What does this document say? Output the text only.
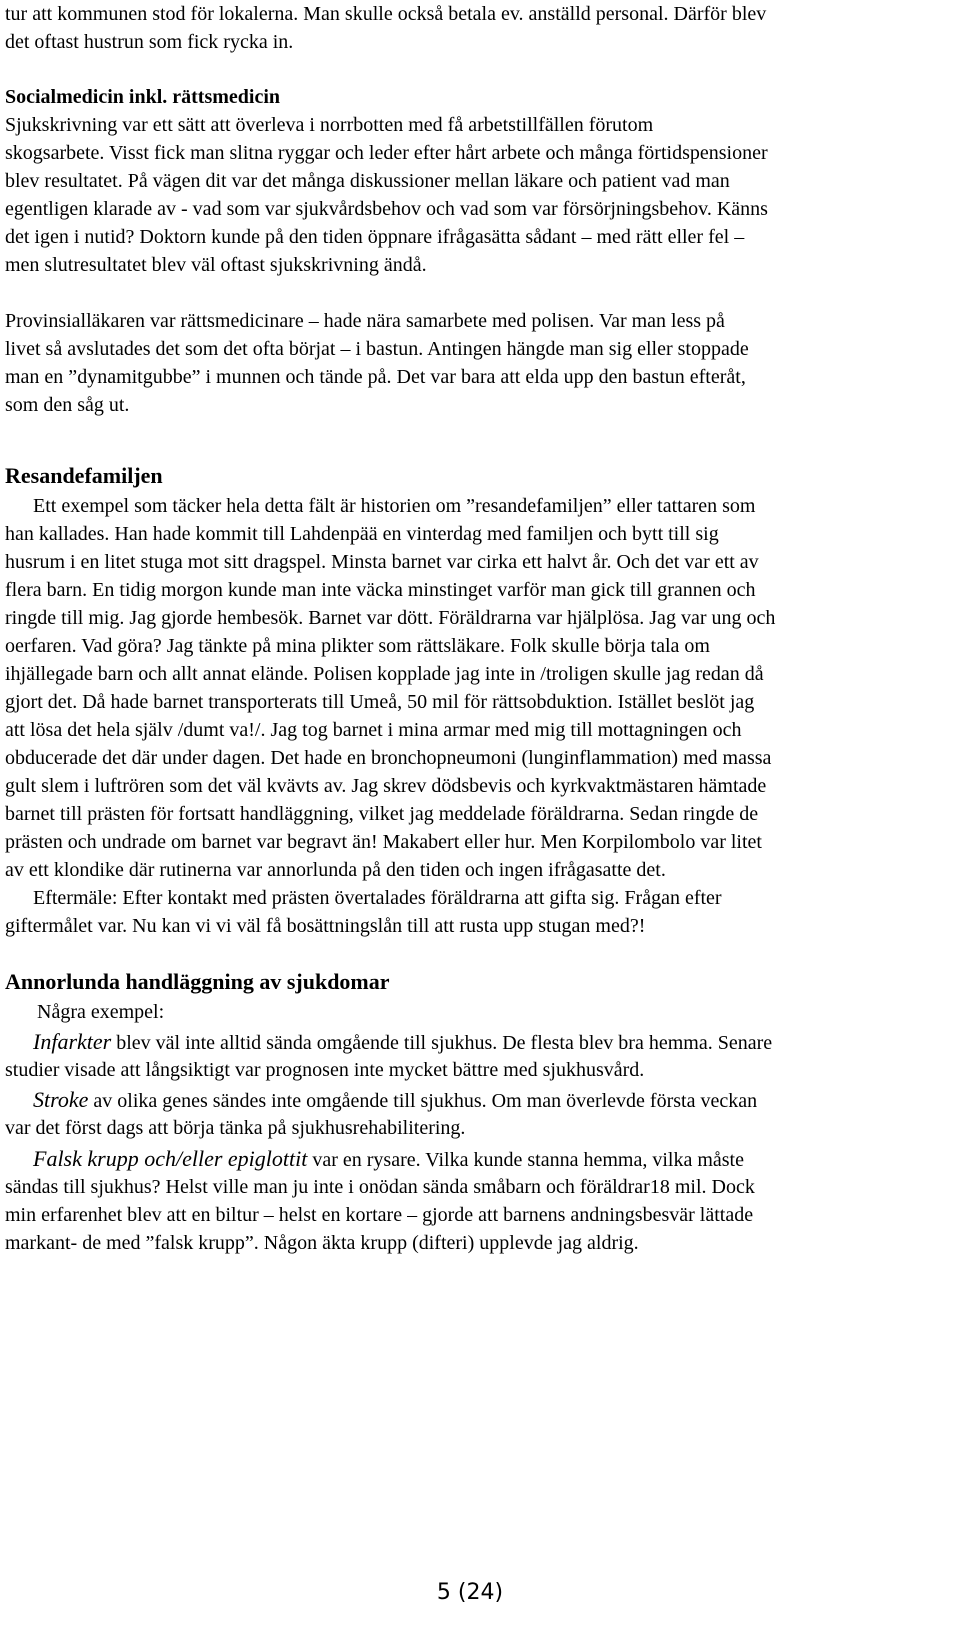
tur att kommunen stod för lokalerna. Man skulle också betala ev. anställd personal. Därför blev
det oftast hustrun som fick rycka in.
Socialmedicin inkl. rättsmedicin
Sjukskrivning var ett sätt att överleva i norrbotten med få arbetstillfällen förutom
skogsarbete. Visst fick man slitna ryggar och leder efter hårt arbete och många förtidspensioner
blev resultatet. På vägen dit var det många diskussioner mellan läkare och patient vad man
egentligen klarade av - vad som var sjukvårdsbehov och vad som var försörjningsbehov. Känns
det igen i nutid? Doktorn kunde på den tiden öppnare ifrågasätta sådant – med rätt eller fel –
men slutresultatet blev väl oftast sjukskrivning ändå.
Provinsialläkaren var rättsmedicinare – hade nära samarbete med polisen. Var man less på
livet så avslutades det som det ofta börjat – i bastun. Antingen hängde man sig eller stoppade
man en ”dynamitgubbe” i munnen och tände på. Det var bara att elda upp den bastun efteråt,
som den såg ut.
Resandefamiljen
Ett exempel som täcker hela detta fält är historien om ”resandefamiljen” eller tattaren som
han kallades. Han hade kommit till Lahdenpää en vinterdag med familjen och bytt till sig
husrum i en litet stuga mot sitt dragspel. Minsta barnet var cirka ett halvt år. Och det var ett av
flera barn. En tidig morgon kunde man inte väcka minstinget varför man gick till grannen och
ringde till mig. Jag gjorde hembesök. Barnet var dött. Föräldrarna var hjälplösa. Jag var ung och
oerfaren. Vad göra? Jag tänkte på mina plikter som rättsläkare. Folk skulle börja tala om
ihjällegade barn och allt annat elände. Polisen kopplade jag inte in /troligen skulle jag redan då
gjort det. Då hade barnet transporterats till Umeå, 50 mil för rättsobduktion. Istället beslöt jag
att lösa det hela själv /dumt va!/. Jag tog barnet i mina armar med mig till mottagningen och
obducerade det där under dagen. Det hade en bronchopneumoni (lunginflammation) med massa
gult slem i luftrören som det väl kvävts av. Jag skrev dödsbevis och kyrkvaktmästaren hämtade
barnet till prästen för fortsatt handläggning, vilket jag meddelade föräldrarna. Sedan ringde de
prästen och undrade om barnet var begravt än! Makabert eller hur. Men Korpilombolo var litet
av ett klondike där rutinerna var annorlunda på den tiden och ingen ifrågasatte det.
Eftermäle: Efter kontakt med prästen övertalades föräldrarna att gifta sig. Frågan efter
giftermålet var. Nu kan vi vi väl få bosättningslån till att rusta upp stugan med?!
Annorlunda handläggning av sjukdomar
Några exempel:
Infarkter blev väl inte alltid sända omgående till sjukhus. De flesta blev bra hemma. Senare
studier visade att långsiktigt var prognosen inte mycket bättre med sjukhusvård.
Stroke av olika genes sändes inte omgående till sjukhus. Om man överlevde första veckan
var det först dags att börja tänka på sjukhusrehabilitering.
Falsk krupp och/eller epiglottit var en rysare. Vilka kunde stanna hemma, vilka måste
sändas till sjukhus? Helst ville man ju inte i onödan sända småbarn och föräldrar18 mil. Dock
min erfarenhet blev att en biltur – helst en kortare – gjorde att barnens andningsbesvär lättade
markant- de med ”falsk krupp”. Någon äkta krupp (difteri) upplevde jag aldrig.
5 (24)
